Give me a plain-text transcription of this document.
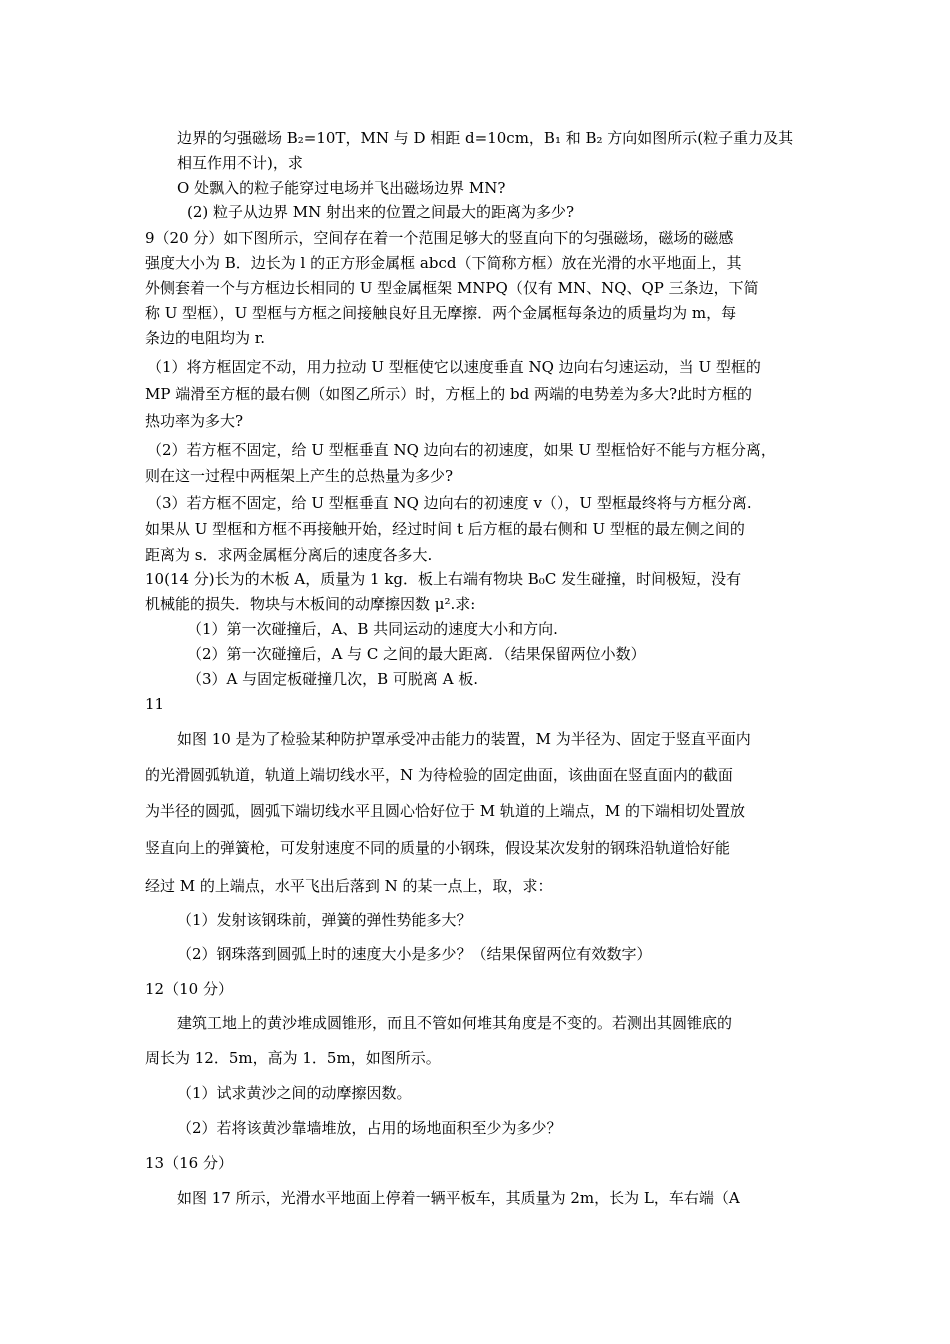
边界的匀强磁场 B₂=10T，MN 与 D 相距 d=10cm，B₁ 和 B₂ 方向如图所示(粒子重力及其
相互作用不计)，求
O 处飘入的粒子能穿过电场并飞出磁场边界 MN?
(2) 粒子从边界 MN 射出来的位置之间最大的距离为多少?
9（20 分）如下图所示，空间存在着一个范围足够大的竖直向下的匀强磁场，磁场的磁感
强度大小为 B．边长为 l 的正方形金属框 abcd（下简称方框）放在光滑的水平地面上，其
外侧套着一个与方框边长相同的 U 型金属框架 MNPQ（仅有 MN、NQ、QP 三条边，下简
称 U 型框），U 型框与方框之间接触良好且无摩擦．两个金属框每条边的质量均为 m，每
条边的电阻均为 r.
（1）将方框固定不动，用力拉动 U 型框使它以速度垂直 NQ 边向右匀速运动，当 U 型框的
MP 端滑至方框的最右侧（如图乙所示）时，方框上的 bd 两端的电势差为多大?此时方框的
热功率为多大?
（2）若方框不固定，给 U 型框垂直 NQ 边向右的初速度，如果 U 型框恰好不能与方框分离，
则在这一过程中两框架上产生的总热量为多少?
（3）若方框不固定，给 U 型框垂直 NQ 边向右的初速度 v（），U 型框最终将与方框分离.
如果从 U 型框和方框不再接触开始，经过时间 t 后方框的最右侧和 U 型框的最左侧之间的
距离为 s．求两金属框分离后的速度各多大.
10(14 分)长为的木板 A，质量为 1 kg．板上右端有物块 B₀C 发生碰撞，时间极短，没有
机械能的损失．物块与木板间的动摩擦因数 μ².求:
（1）第一次碰撞后，A、B 共同运动的速度大小和方向.
（2）第一次碰撞后，A 与 C 之间的最大距离．（结果保留两位小数）
（3）A 与固定板碰撞几次，B 可脱离 A 板.
11
如图 10 是为了检验某种防护罩承受冲击能力的装置，M 为半径为、固定于竖直平面内
的光滑圆弧轨道，轨道上端切线水平，N 为待检验的固定曲面，该曲面在竖直面内的截面
为半径的圆弧，圆弧下端切线水平且圆心恰好位于 M 轨道的上端点，M 的下端相切处置放
竖直向上的弹簧枪，可发射速度不同的质量的小钢珠，假设某次发射的钢珠沿轨道恰好能
经过 M 的上端点，水平飞出后落到 N 的某一点上，取，求：
（1）发射该钢珠前，弹簧的弹性势能多大？
（2）钢珠落到圆弧上时的速度大小是多少？（结果保留两位有效数字）
12（10 分）
建筑工地上的黄沙堆成圆锥形，而且不管如何堆其角度是不变的。若测出其圆锥底的
周长为 12．5m，高为 1．5m，如图所示。
（1）试求黄沙之间的动摩擦因数。
（2）若将该黄沙靠墙堆放，占用的场地面积至少为多少？
13（16 分）
如图 17 所示，光滑水平地面上停着一辆平板车，其质量为 2m，长为 L，车右端（A
